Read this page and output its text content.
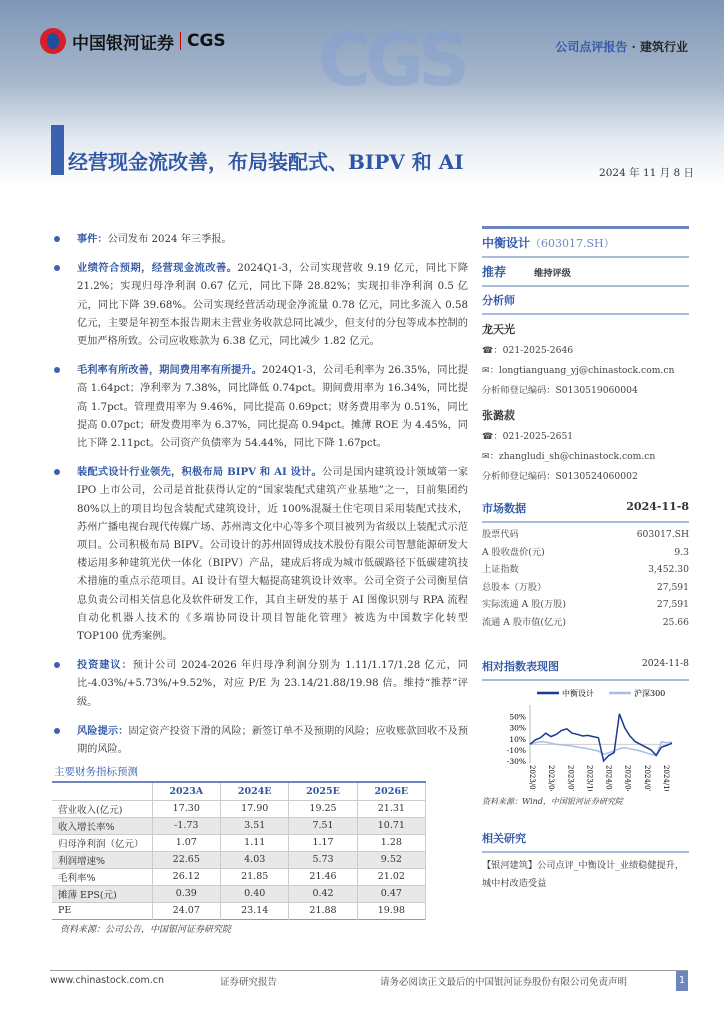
CGS
中国银河证券 CGS	公司点评报告 · 建筑行业
经营现金流改善，布局装配式、BIPV 和 AI	2024 年 11 月 8 日
事件：公司发布 2024 年三季报。
业绩符合预期，经营现金流改善。2024Q1-3，公司实现营收 9.19 亿元，同比下降 21.2%；实现归母净利润 0.67 亿元，同比下降 28.82%；实现扣非净利润 0.5 亿元，同比下降 39.68%。公司实现经营活动现金净流量 0.78 亿元，同比多流入 0.58 亿元，主要是年初至本报告期末主营业务收款总同比减少，但支付的分包等成本控制的更加严格所致。公司应收账款为 6.38 亿元，同比减少 1.82 亿元。
毛利率有所改善，期间费用率有所提升。2024Q1-3，公司毛利率为 26.35%，同比提高 1.64pct；净利率为 7.38%，同比降低 0.74pct。期间费用率为 16.34%，同比提高 1.7pct。管理费用率为 9.46%，同比提高 0.69pct；财务费用率为 0.51%，同比提高 0.07pct；研发费用率为 6.37%，同比提高 0.94pct。摊薄 ROE 为 4.45%，同比下降 2.11pct。公司资产负债率为 54.44%，同比下降 1.67pct。
装配式设计行业领先，积极布局 BIPV 和 AI 设计。公司是国内建筑设计领域第一家 IPO 上市公司，公司是首批获得认定的“国家装配式建筑产业基地”之一，目前集团约 80%以上的项目均包含装配式建筑设计，近 100%混凝土住宅项目采用装配式技术，苏州广播电视台现代传媒广场、苏州湾文化中心等多个项目被列为省级以上装配式示范项目。公司积极布局 BIPV。公司设计的苏州固锝成技术股份有限公司智慧能源研发大楼运用多种建筑光伏一体化（BIPV）产品，建成后将成为城市低碳路径下低碳建筑技术措施的重点示范项目。AI 设计有望大幅提高建筑设计效率。公司全资子公司衡星信息负责公司相关信息化及软件研发工作，其自主研发的基于 AI 图像识别与 RPA 流程自动化机器人技术的《多端协同设计项目智能化管理》被选为中国数字化转型 TOP100 优秀案例。
投资建议：预计公司 2024-2026 年归母净利润分别为 1.11/1.17/1.28 亿元，同比-4.03%/+5.73%/+9.52%，对应 P/E 为 23.14/21.88/19.98 倍。维持“推荐”评级。
风险提示：固定资产投资下滑的风险；新签订单不及预期的风险；应收账款回收不及预期的风险。
主要财务指标预测
	2023A	2024E	2025E	2026E
营业收入(亿元)	17.30	17.90	19.25	21.31
收入增长率%	-1.73	3.51	7.51	10.71
归母净利润（亿元）	1.07	1.11	1.17	1.28
利润增速%	22.65	4.03	5.73	9.52
毛利率%	26.12	21.85	21.46	21.02
摊薄 EPS(元)	0.39	0.40	0.42	0.47
PE	24.07	23.14	21.88	19.98
资料来源：公司公告，中国银河证券研究院
中衡设计（603017.SH）
推荐	维持评级
分析师
龙天光
☎：021-2025-2646
✉：longtianguang_yj@chinastock.com.cn
分析师登记编码：S0130519060004
张潞菽
☎：021-2025-2651
✉：zhangludi_sh@chinastock.com.cn
分析师登记编码：S0130524060002
市场数据	2024-11-8
股票代码	603017.SH
A 股收盘价(元)	9.3
上证指数	3,452.30
总股本（万股）	27,591
实际流通 A 股(万股)	27,591
流通 A 股市值(亿元)	25.66
相对指数表现图	2024-11-8
50%
30%
10%
-10%
-30%
2023/01 2023/04 2023/07 2023/10 2024/01 2024/04 2024/07 2024/10
中衡设计	沪深300
资料来源：Wind，中国银河证券研究院
相关研究
【银河建筑】公司点评_中衡设计_业绩稳健提升，城中村改造受益
www.chinastock.com.cn	证券研究报告	请务必阅读正文最后的中国银河证券股份有限公司免责声明	1
